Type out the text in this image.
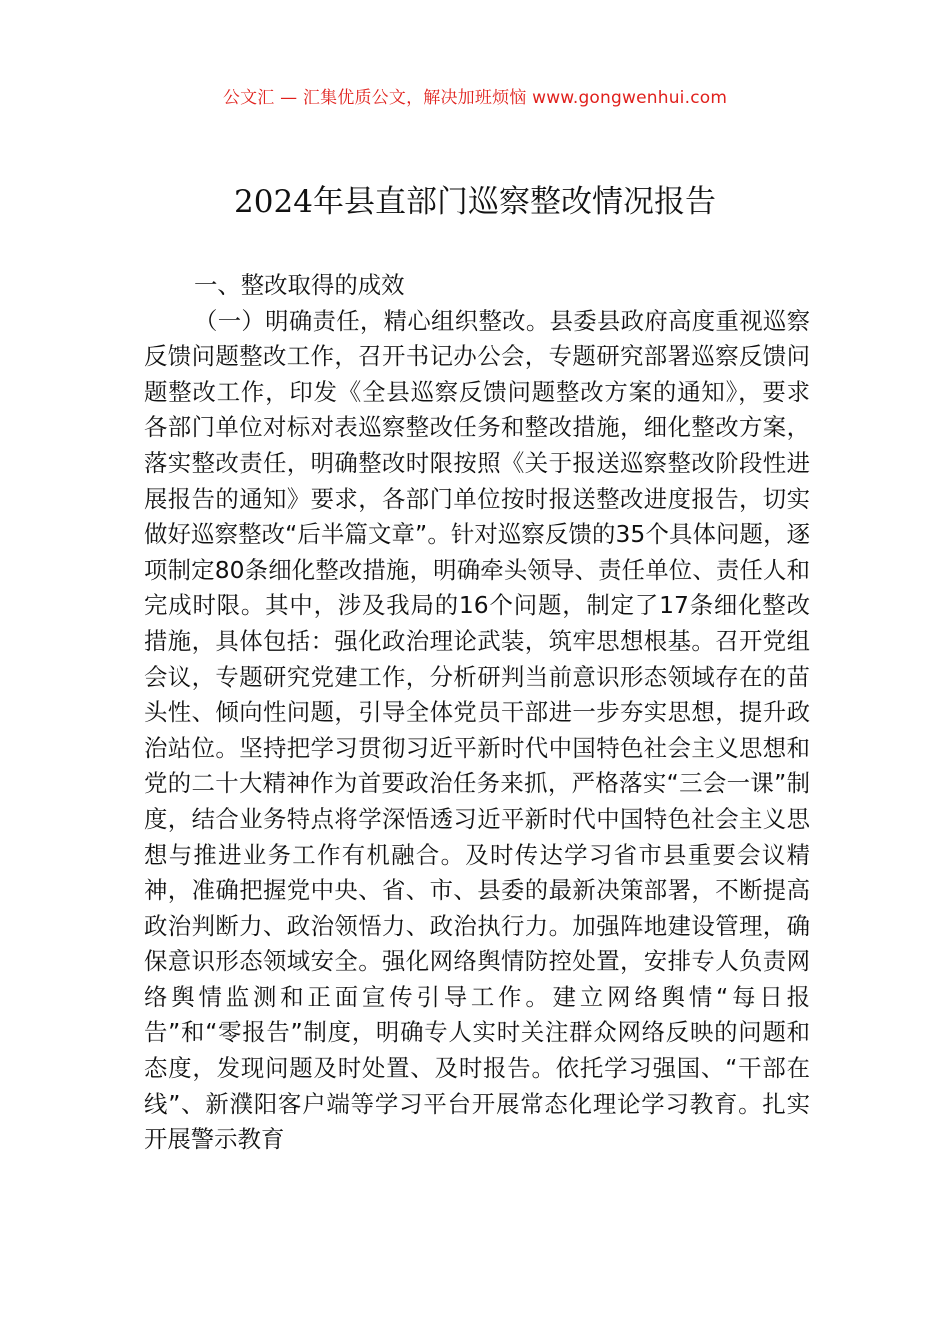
公文汇 — 汇集优质公文，解决加班烦恼 www.gongwenhui.com
2024年县直部门巡察整改情况报告

一、整改取得的成效

（一）明确责任，精心组织整改。县委县政府高度重视巡察反馈问题整改工作，召开书记办公会，专题研究部署巡察反馈问题整改工作，印发《全县巡察反馈问题整改方案的通知》，要求各部门单位对标对表巡察整改任务和整改措施，细化整改方案，落实整改责任，明确整改时限按照《关于报送巡察整改阶段性进展报告的通知》要求，各部门单位按时报送整改进度报告，切实做好巡察整改“后半篇文章”。针对巡察反馈的35个具体问题，逐项制定80条细化整改措施，明确牵头领导、责任单位、责任人和完成时限。其中，涉及我局的16个问题，制定了17条细化整改措施，具体包括：强化政治理论武装，筑牢思想根基。召开党组会议，专题研究党建工作，分析研判当前意识形态领域存在的苗头性、倾向性问题，引导全体党员干部进一步夯实思想，提升政治站位。坚持把学习贯彻习近平新时代中国特色社会主义思想和党的二十大精神作为首要政治任务来抓，严格落实“三会一课”制度，结合业务特点将学深悟透习近平新时代中国特色社会主义思想与推进业务工作有机融合。及时传达学习省市县重要会议精神，准确把握党中央、省、市、县委的最新决策部署，不断提高政治判断力、政治领悟力、政治执行力。加强阵地建设管理，确保意识形态领域安全。强化网络舆情防控处置，安排专人负责网络舆情监测和正面宣传引导工作。建立网络舆情“每日报告”和“零报告”制度，明确专人实时关注群众网络反映的问题和态度，发现问题及时处置、及时报告。依托学习强国、“干部在线”、新濮阳客户端等学习平台开展常态化理论学习教育。扎实开展警示教育
